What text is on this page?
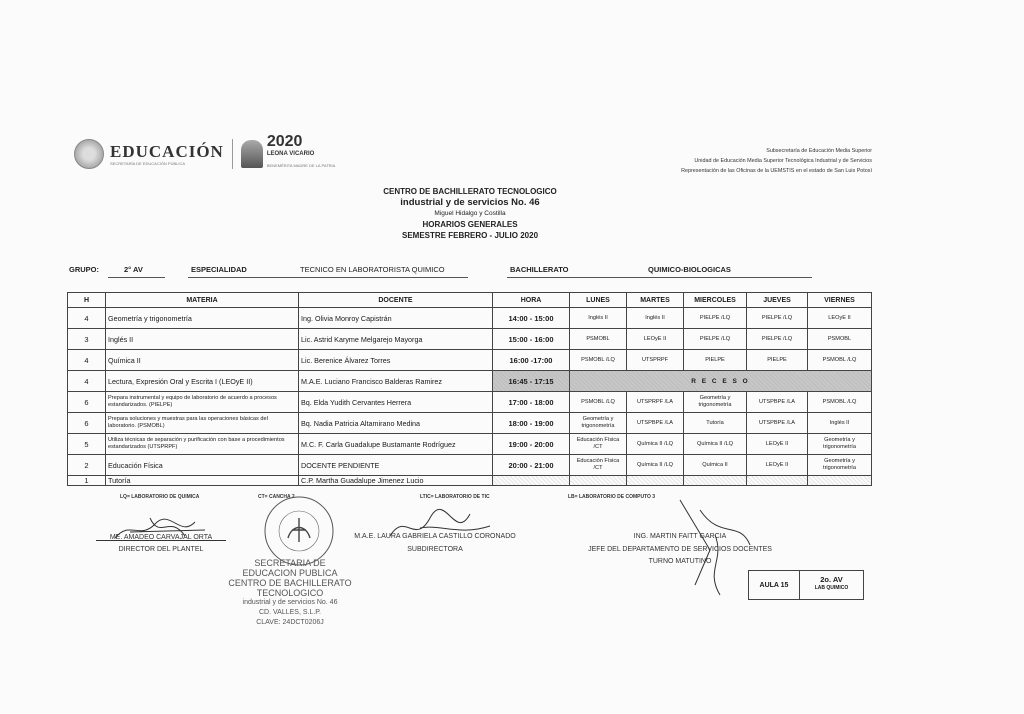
EDUCACIÓN
SECRETARÍA DE EDUCACIÓN PÚBLICA
2020
LEONA VICARIO
BENEMÉRITA MADRE DE LA PATRIA
Subsecretaría de Educación Media Superior
Unidad de Educación Media Superior Tecnológica Industrial y de Servicios
Representación de las Oficinas de la UEMSTIS en el estado de San Luis Potosí
CENTRO DE BACHILLERATO TECNOLOGICO
industrial y de servicios No. 46
Miguel Hidalgo y Costilla
HORARIOS GENERALES
SEMESTRE FEBRERO - JULIO 2020
GRUPO:	2° AV	ESPECIALIDAD	TECNICO EN LABORATORISTA QUIMICO	BACHILLERATO	QUIMICO-BIOLOGICAS
H	MATERIA	DOCENTE	HORA	LUNES	MARTES	MIERCOLES	JUEVES	VIERNES
4	Geometría y trigonometría	Ing. Olivia Monroy Capistrán	14:00 - 15:00	Inglés II	Inglés II	PIELPE /LQ	PIELPE /LQ	LEOyE II
3	Inglés II	Lic. Astrid Karyme Melgarejo Mayorga	15:00 - 16:00	PSMOBL	LEOyE II	PIELPE /LQ	PIELPE /LQ	PSMOBL
4	Química II	Lic. Berenice Álvarez Torres	16:00 -17:00	PSMOBL /LQ	UTSPRPF	PIELPE	PIELPE	PSMOBL /LQ
4	Lectura, Expresión Oral y Escrita I (LEOyE II)	M.A.E. Luciano Francisco Balderas Ramirez	16:45 - 17:15	R E C E S O				
6	Prepara instrumental y equipo de laboratorio de acuerdo a procesos estandarizados. (PIELPE)	Bq. Elda Yudith Cervantes Herrera	17:00 - 18:00	PSMOBL /LQ	UTSPRPF /LA	Geometría y trigonometría	UTSPBPE /LA	PSMOBL /LQ
6	Prepara soluciones y muestras para las operaciones básicas del laboratorio. (PSMOBL)	Bq. Nadia Patricia Altamirano Medina	18:00 - 19:00	Geometría y trigonometría	UTSPBPE /LA	Tutoría	UTSPBPE /LA	Inglés II
5	Utiliza técnicas de separación y purificación con base a procedimientos estandarizados (UTSPRPF)	M.C. F. Carla Guadalupe Bustamante Rodríguez	19:00 - 20:00	Educación Física /CT	Química II /LQ	Química II /LQ	LEOyE II	Geometría y trigonometría
2	Educación Física	DOCENTE PENDIENTE	20:00 - 21:00	Educación Física /CT	Química II /LQ	Química II	LEOyE II	Geometría y trigonometría
1	Tutoría	C.P. Martha Guadalupe Jimenez Lucio						
LQ= LABORATORIO DE QUIMICA	CT= CANCHA 2	LTIC= LABORATORIO DE TIC	LB= LABORATORIO DE COMPUTO 3
ME. AMADEO CARVAJAL ORTA
DIRECTOR DEL PLANTEL
SECRETARIA DE
EDUCACION PUBLICA
CENTRO DE BACHILLERATO
TECNOLOGICO
industrial y de servicios No. 46
CD. VALLES, S.L.P.
CLAVE: 24DCT0206J
M.A.E. LAURA GABRIELA CASTILLO CORONADO
SUBDIRECTORA
ING. MARTIN FAITT GARCIA
JEFE DEL DEPARTAMENTO DE SERVICIOS DOCENTES
TURNO MATUTINO
AULA 15
2o. AV
LAB QUIMICO
